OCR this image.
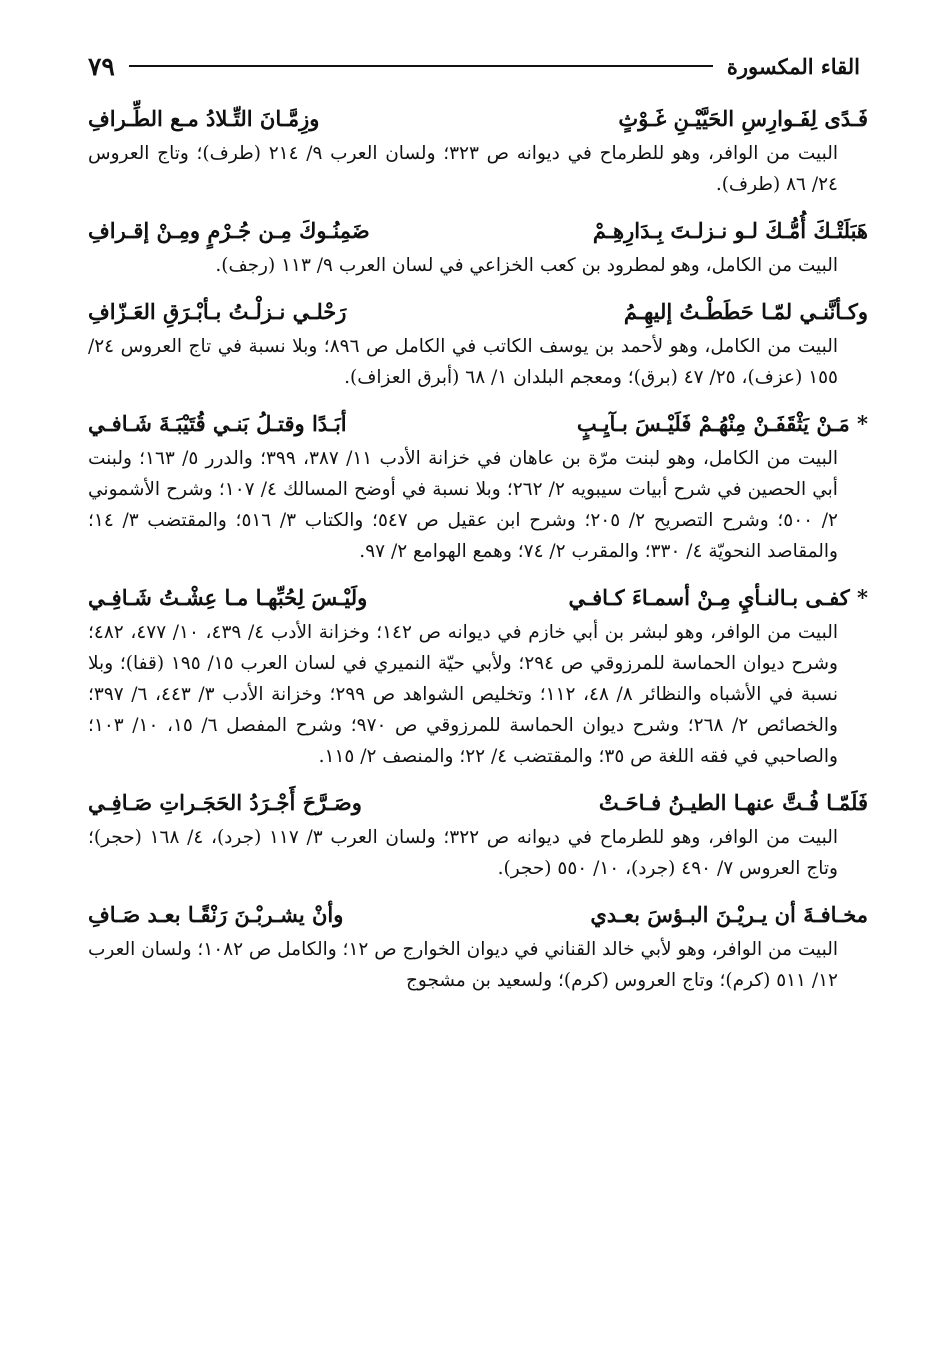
القاء المكسورة
٧٩
فَـدًى لِفَـوارِسِ الحَيَّيْـنِ غَـوْثٍ
وزِمَّـانَ التِّـلادُ مـع الطِّـرافِ
البيت من الوافر، وهو للطرماح في ديوانه ص ٣٢٣؛ ولسان العرب ٩/ ٢١٤ (طرف)؛ وتاج العروس ٢٤/ ٨٦ (طرف).
هَبَلَتْـكَ أُمُّـكَ لـو نـزلـتَ بِـدَارِهِـمْ
ضَمِنُـوكَ مِـن جُـرْمٍ ومِـنْ إقـرافِ
البيت من الكامل، وهو لمطرود بن كعب الخزاعي في لسان العرب ٩/ ١١٣ (رجف).
وكـأنَّنـي لمّـا حَطَطْـتُ إليهِـمُ
رَحْلـي نـزلْـتُ بـأبْـرَقِ العَـزّافِ
البيت من الكامل، وهو لأحمد بن يوسف الكاتب في الكامل ص ٨٩٦؛ وبلا نسبة في تاج العروس ٢٤/ ١٥٥ (عزف)، ٢٥/ ٤٧ (برق)؛ ومعجم البلدان ١/ ٦٨ (أبرق العزاف).
* مَـنْ يَثْقَفَـنْ مِنْهُـمْ فَلَيْـسَ بـآيِـبٍ
أبَـدًا وقتـلُ بَنـي قُتَيْبَـةَ شَـافـي
البيت من الكامل، وهو لبنت مرّة بن عاهان في خزانة الأدب ١١/ ٣٨٧، ٣٩٩؛ والدرر ٥/ ١٦٣؛ ولبنت أبي الحصين في شرح أبيات سيبويه ٢/ ٢٦٢؛ وبلا نسبة في أوضح المسالك ٤/ ١٠٧؛ وشرح الأشموني ٢/ ٥٠٠؛ وشرح التصريح ٢/ ٢٠٥؛ وشرح ابن عقيل ص ٥٤٧؛ والكتاب ٣/ ٥١٦؛ والمقتضب ٣/ ١٤؛ والمقاصد النحويّة ٤/ ٣٣٠؛ والمقرب ٢/ ٧٤؛ وهمع الهوامع ٢/ ٩٧.
* كفـى بـالنـأيِ مِـنْ أسمـاءَ كـافـي
ولَيْـسَ لِحُبِّهـا مـا عِشْـتُ شَـافِـي
البيت من الوافر، وهو لبشر بن أبي خازم في ديوانه ص ١٤٢؛ وخزانة الأدب ٤/ ٤٣٩، ١٠/ ٤٧٧، ٤٨٢؛ وشرح ديوان الحماسة للمرزوقي ص ٢٩٤؛ ولأبي حيّة النميري في لسان العرب ١٥/ ١٩٥ (قفا)؛ وبلا نسبة في الأشباه والنظائر ٨/ ٤٨، ١١٢؛ وتخليص الشواهد ص ٢٩٩؛ وخزانة الأدب ٣/ ٤٤٣، ٦/ ٣٩٧؛ والخصائص ٢/ ٢٦٨؛ وشرح ديوان الحماسة للمرزوقي ص ٩٧٠؛ وشرح المفصل ٦/ ١٥، ١٠/ ١٠٣؛ والصاحبي في فقه اللغة ص ٣٥؛ والمقتضب ٤/ ٢٢؛ والمنصف ٢/ ١١٥.
فَلَمّـا فُـتَّ عنهـا الطيـنُ فـاحَـتْ
وصَـرَّحَ أَجْـرَدُ الحَجَـراتِ صَـافِـي
البيت من الوافر، وهو للطرماح في ديوانه ص ٣٢٢؛ ولسان العرب ٣/ ١١٧ (جرد)، ٤/ ١٦٨ (حجر)؛ وتاج العروس ٧/ ٤٩٠ (جرد)، ١٠/ ٥٥٠ (حجر).
مخـافـةَ أن يـريْـنَ البـؤسَ بعـدي
وأنْ يشـربْـنَ رَنْقًـا بعـد صَـافِ
البيت من الوافر، وهو لأبي خالد القناني في ديوان الخوارج ص ١٢؛ والكامل ص ١٠٨٢؛ ولسان العرب ١٢/ ٥١١ (كرم)؛ وتاج العروس (كرم)؛ ولسعيد بن مشجوج
